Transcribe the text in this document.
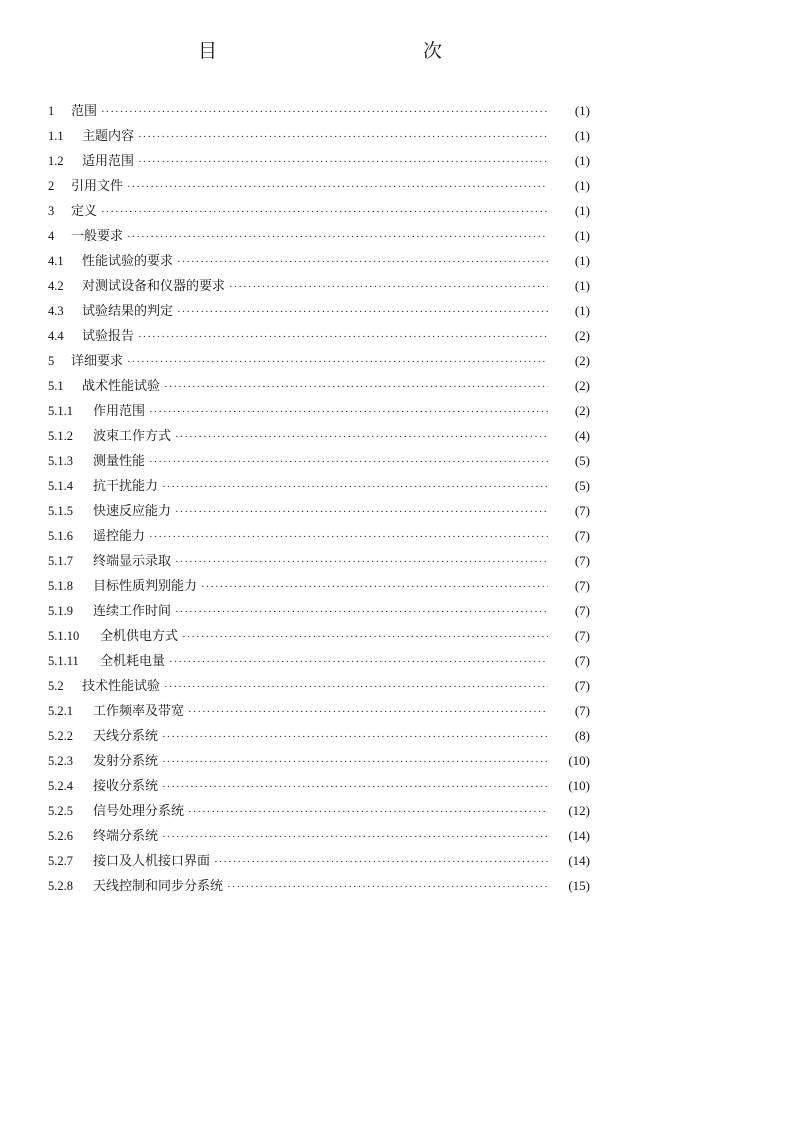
目　　次
1	范围 ·····	(1)
1.1	主题内容 ·····	(1)
1.2	适用范围 ·····	(1)
2	引用文件 ·····	(1)
3	定义 ·····	(1)
4	一般要求 ·····	(1)
4.1	性能试验的要求 ·····	(1)
4.2	对测试设备和仪器的要求 ·····	(1)
4.3	试验结果的判定 ·····	(1)
4.4	试验报告 ·····	(2)
5	详细要求 ·····	(2)
5.1	战术性能试验 ·····	(2)
5.1.1	作用范围 ·····	(2)
5.1.2	波束工作方式 ·····	(4)
5.1.3	测量性能 ·····	(5)
5.1.4	抗干扰能力 ·····	(5)
5.1.5	快速反应能力 ·····	(7)
5.1.6	遥控能力 ·····	(7)
5.1.7	终端显示录取 ·····	(7)
5.1.8	目标性质判别能力 ·····	(7)
5.1.9	连续工作时间 ·····	(7)
5.1.10	全机供电方式 ·····	(7)
5.1.11	全机耗电量 ·····	(7)
5.2	技术性能试验 ·····	(7)
5.2.1	工作频率及带宽 ·····	(7)
5.2.2	天线分系统 ·····	(8)
5.2.3	发射分系统 ·····	(10)
5.2.4	接收分系统 ·····	(10)
5.2.5	信号处理分系统 ·····	(12)
5.2.6	终端分系统 ·····	(14)
5.2.7	接口及人机接口界面 ·····	(14)
5.2.8	天线控制和同步分系统 ·····	(15)
